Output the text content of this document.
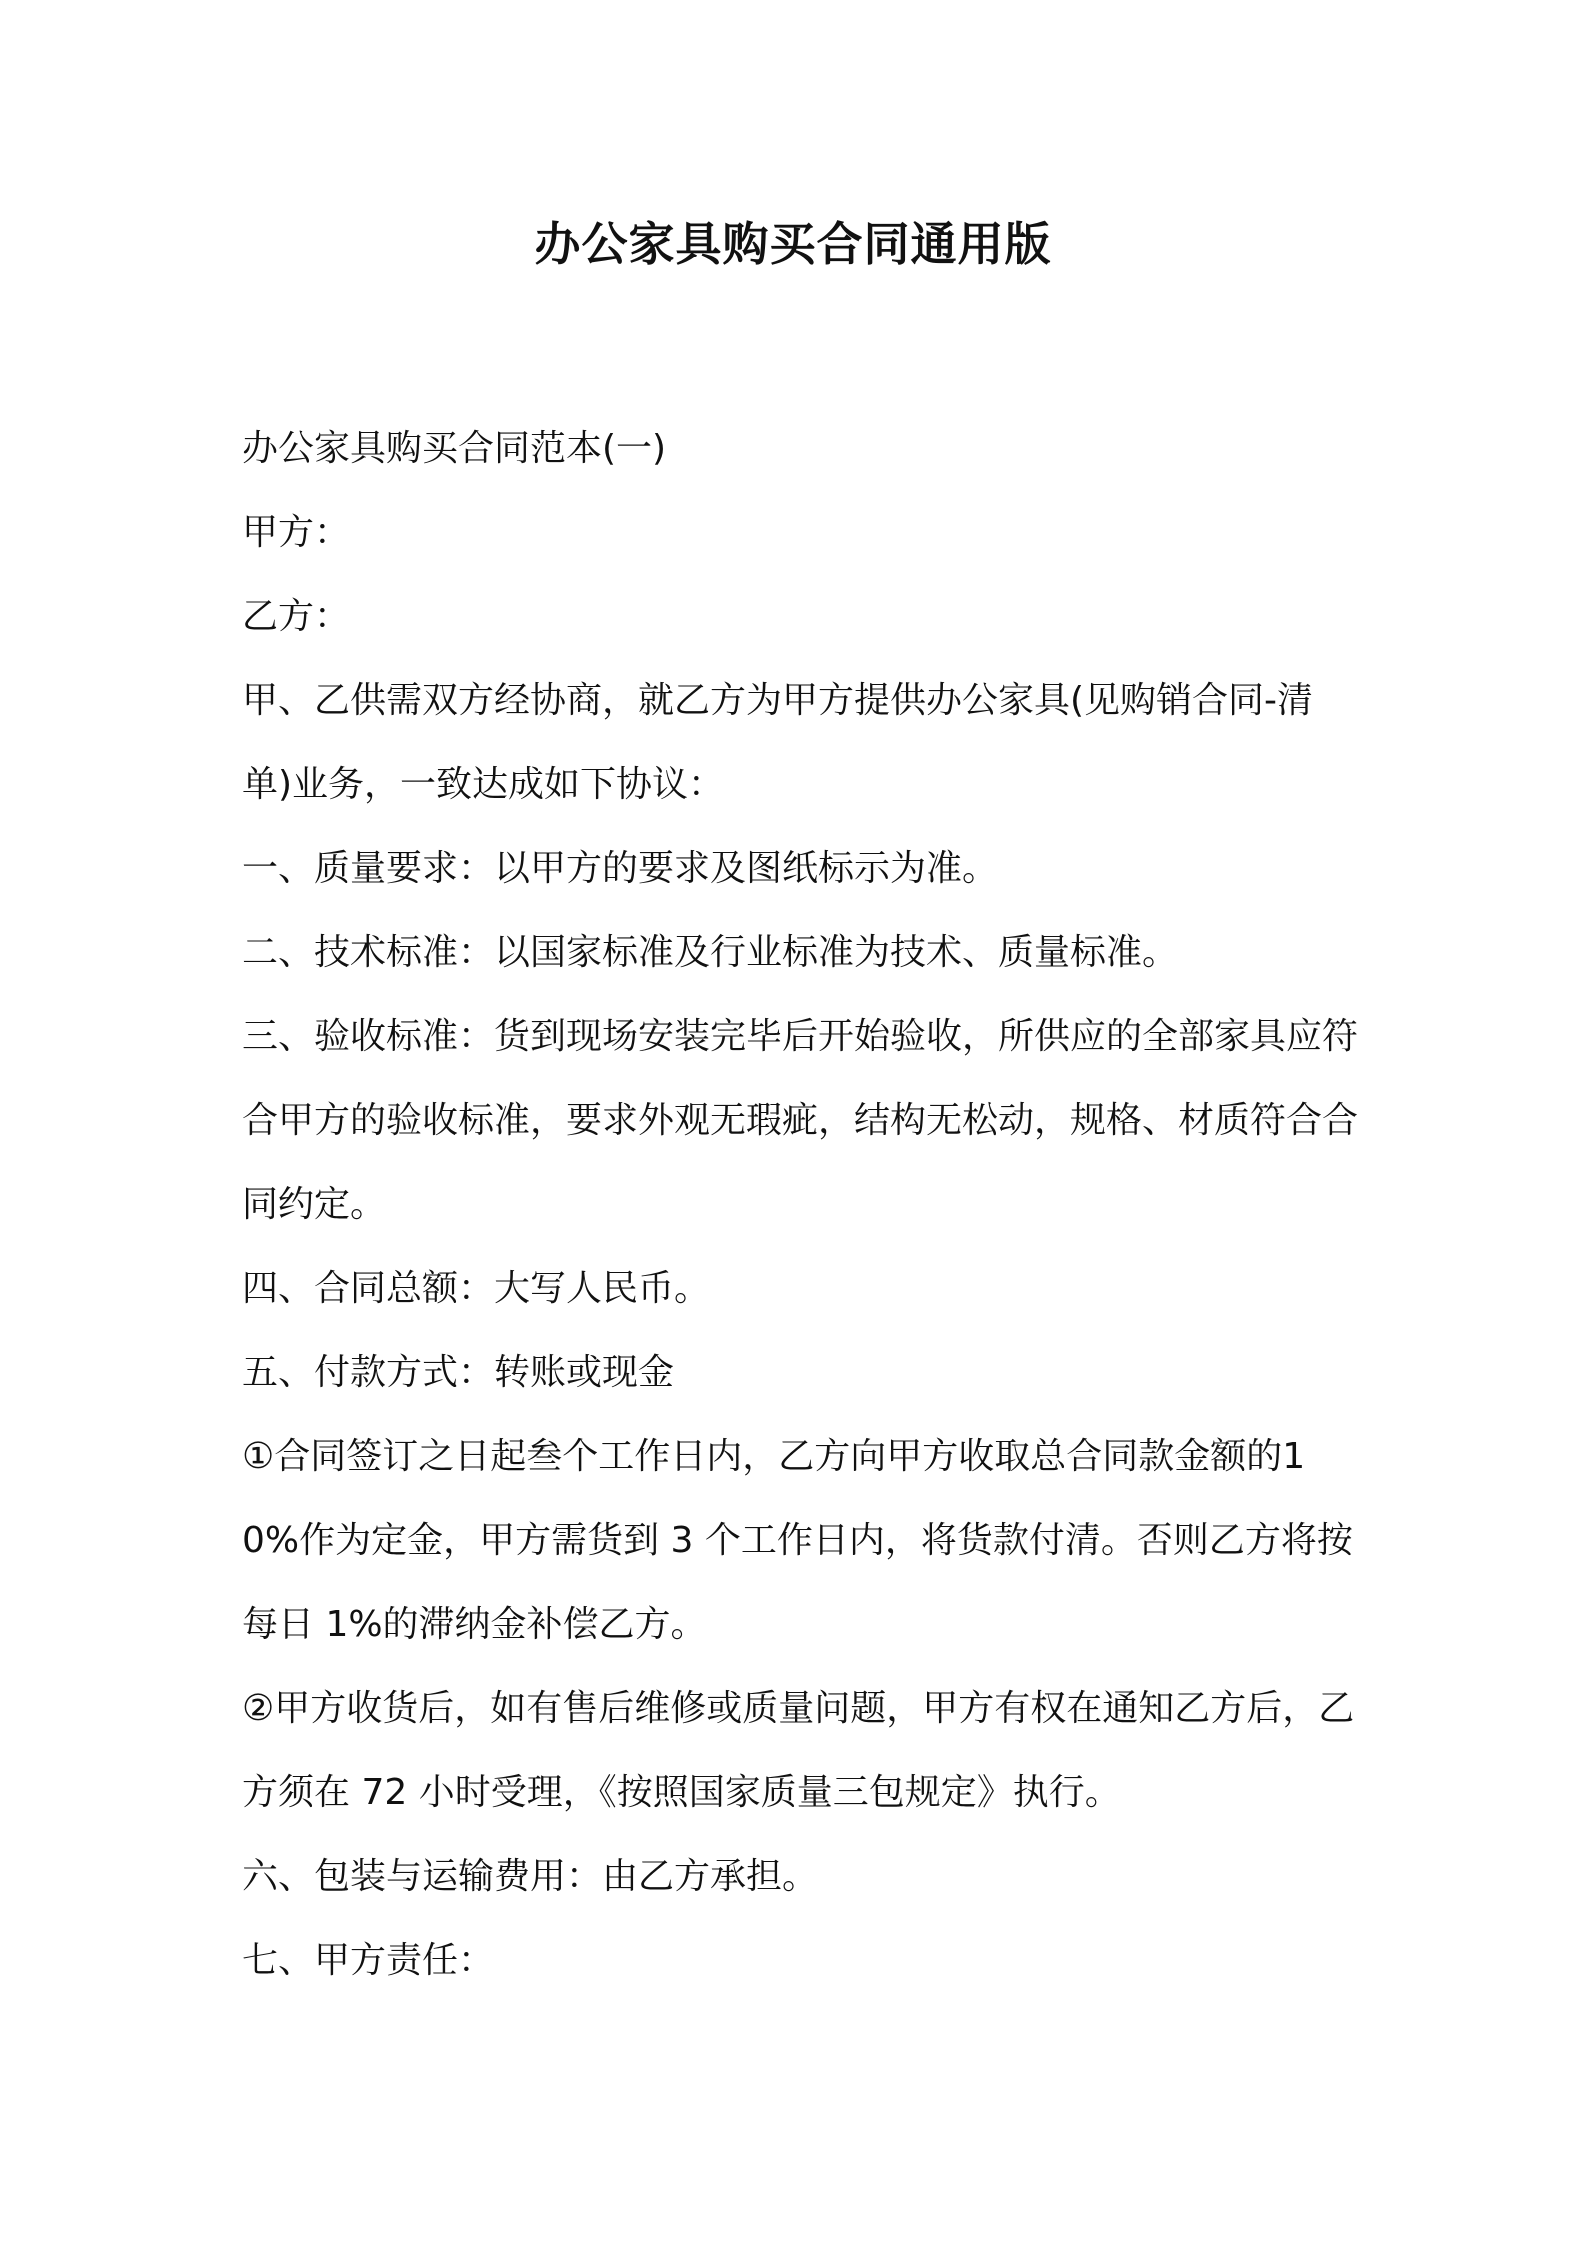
办公家具购买合同通用版

办公家具购买合同范本(一)

甲方：

乙方：

甲、乙供需双方经协商，就乙方为甲方提供办公家具(见购销合同-清单)业务，一致达成如下协议：

一、质量要求：以甲方的要求及图纸标示为准。

二、技术标准：以国家标准及行业标准为技术、质量标准。

三、验收标准：货到现场安装完毕后开始验收，所供应的全部家具应符合甲方的验收标准，要求外观无瑕疵，结构无松动，规格、材质符合合同约定。

四、合同总额：大写人民币。

五、付款方式：转账或现金

①合同签订之日起叁个工作日内，乙方向甲方收取总合同款金额的10%作为定金，甲方需货到 3 个工作日内，将货款付清。否则乙方将按每日 1%的滞纳金补偿乙方。

②甲方收货后，如有售后维修或质量问题，甲方有权在通知乙方后，乙方须在 72 小时受理，《按照国家质量三包规定》执行。

六、包装与运输费用：由乙方承担。

七、甲方责任：
